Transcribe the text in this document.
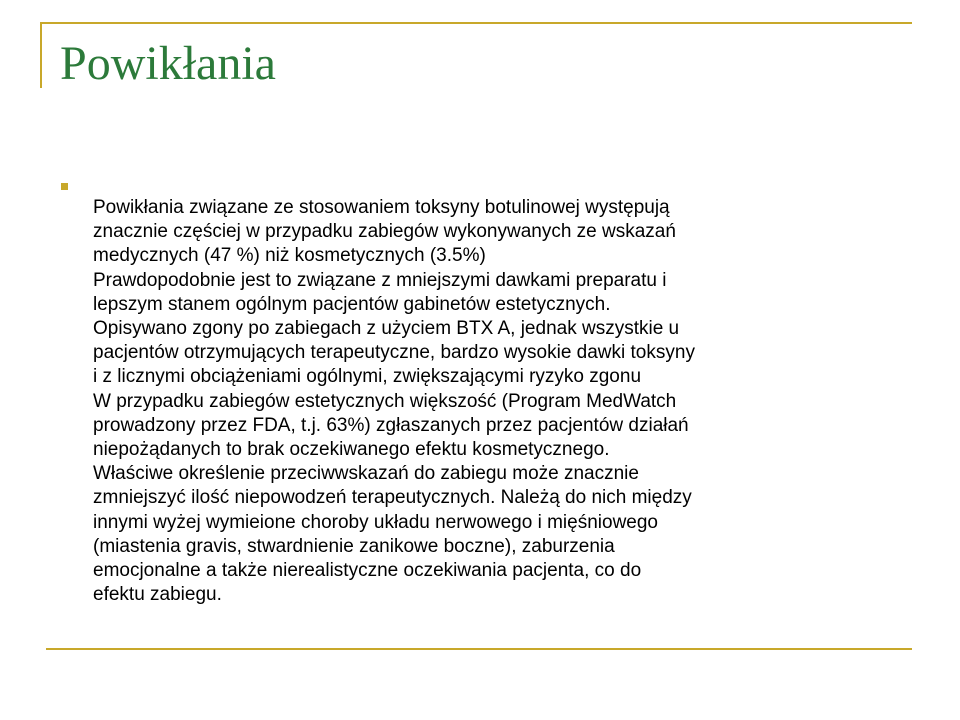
Powikłania
Powikłania związane ze stosowaniem toksyny botulinowej występują
znacznie częściej w przypadku zabiegów wykonywanych ze wskazań
medycznych (47 %) niż kosmetycznych (3.5%)
Prawdopodobnie jest to związane z mniejszymi dawkami preparatu i
lepszym stanem ogólnym pacjentów gabinetów estetycznych.
Opisywano zgony po zabiegach z użyciem BTX A, jednak wszystkie u
pacjentów otrzymujących terapeutyczne, bardzo wysokie dawki toksyny
i z licznymi obciążeniami ogólnymi, zwiększającymi ryzyko zgonu
W przypadku zabiegów estetycznych większość (Program MedWatch
prowadzony przez FDA, t.j. 63%) zgłaszanych przez pacjentów działań
niepożądanych to brak oczekiwanego efektu kosmetycznego.
Właściwe określenie przeciwwskazań do zabiegu może znacznie
zmniejszyć ilość niepowodzeń terapeutycznych. Należą do nich między
innymi wyżej wymieione choroby układu nerwowego i mięśniowego
(miastenia gravis, stwardnienie zanikowe boczne), zaburzenia
emocjonalne a także nierealistyczne oczekiwania pacjenta, co do
efektu zabiegu.
